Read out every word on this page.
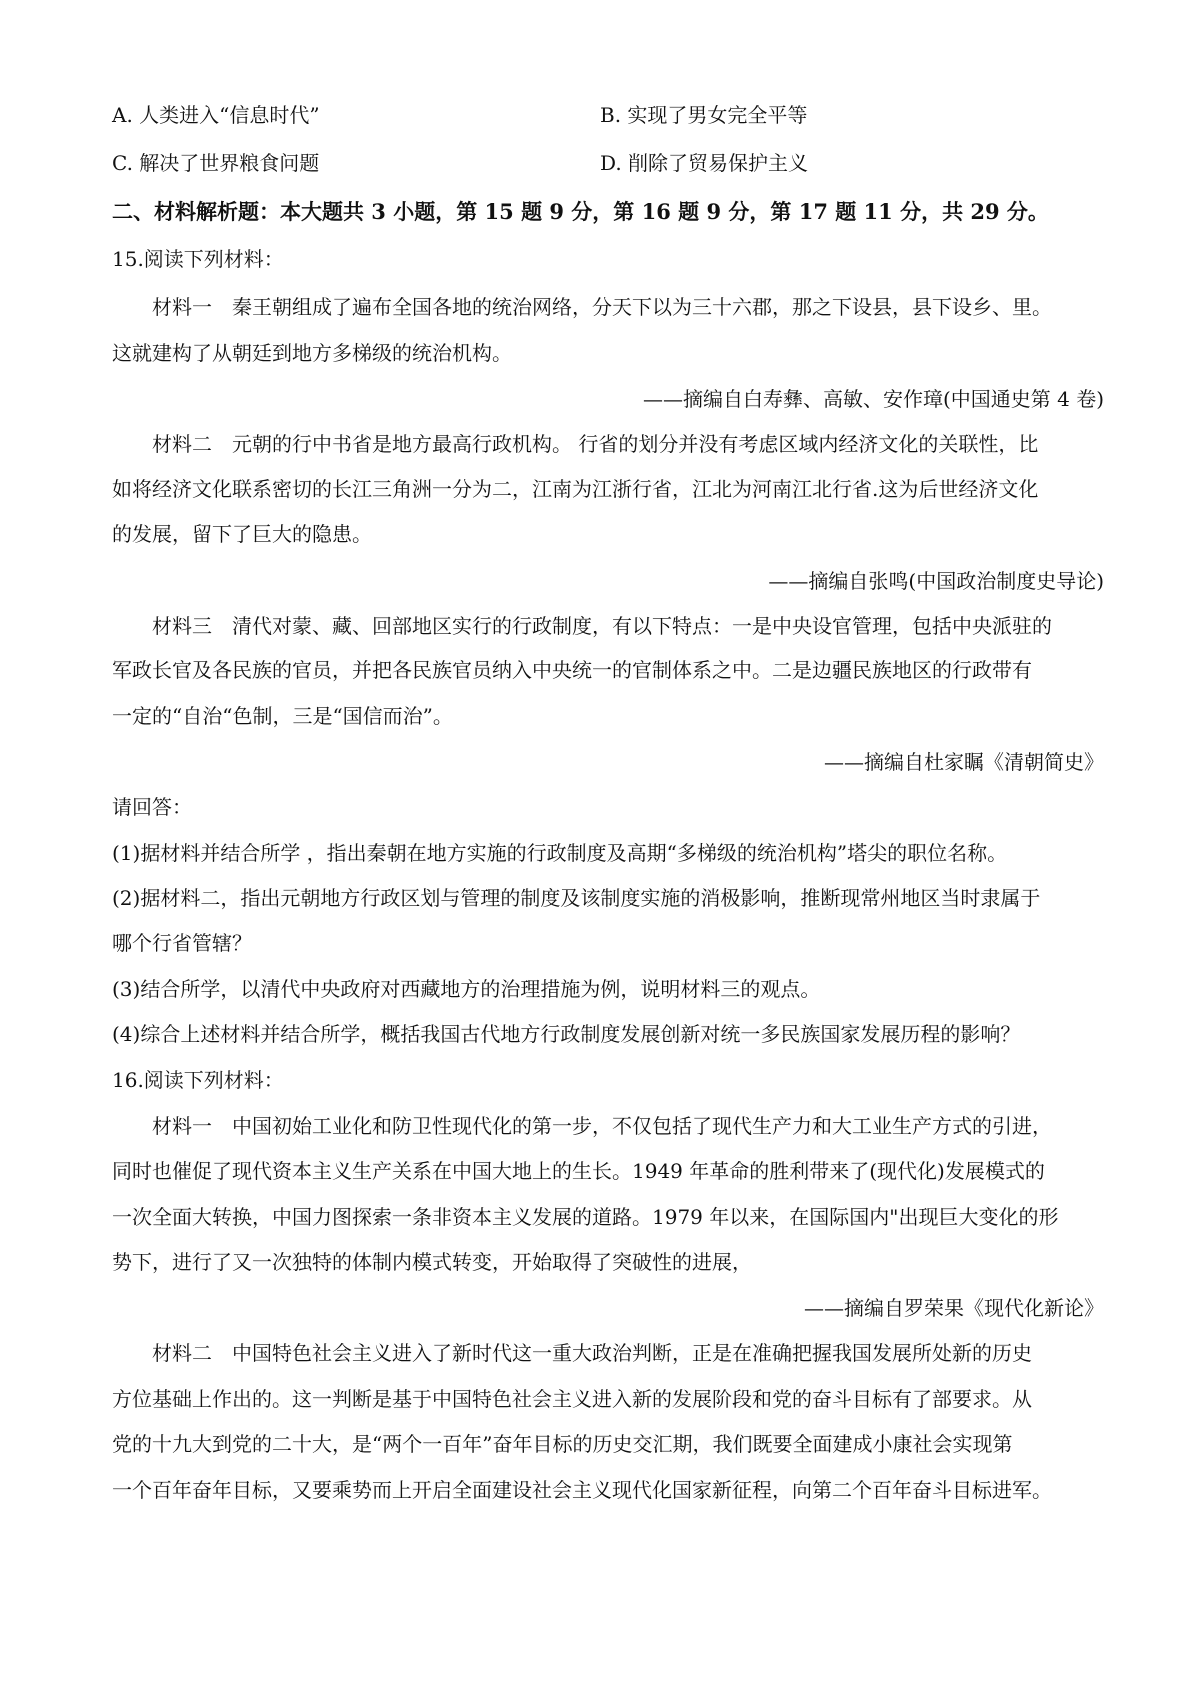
A. 人类进入“信息时代”	B. 实现了男女完全平等
C. 解决了世界粮食问题	D. 削除了贸易保护主义
二、材料解析题：本大题共 3 小题，第 15 题 9 分，第 16 题 9 分，第 17 题 11 分，共 29 分。
15.阅读下列材料：
材料一　秦王朝组成了遍布全国各地的统治网络，分天下以为三十六郡，那之下设县，县下设乡、里。
这就建构了从朝廷到地方多梯级的统治机构。
——摘编自白寿彝、高敏、安作璋(中国通史第 4 卷)
材料二　元朝的行中书省是地方最高行政机构。 行省的划分并没有考虑区域内经济文化的关联性，比
如将经济文化联系密切的长江三角洲一分为二，江南为江浙行省，江北为河南江北行省.这为后世经济文化
的发展，留下了巨大的隐患。
——摘编自张鸣(中国政治制度史导论)
材料三　清代对蒙、藏、回部地区实行的行政制度，有以下特点：一是中央设官管理，包括中央派驻的
军政长官及各民族的官员，并把各民族官员纳入中央统一的官制体系之中。二是边疆民族地区的行政带有
一定的“自治“色制，三是“国信而治”。
——摘编自杜家瞩《清朝简史》
请回答：
(1)据材料并结合所学 ，指出秦朝在地方实施的行政制度及高期“多梯级的统治机构”塔尖的职位名称。
(2)据材料二，指出元朝地方行政区划与管理的制度及该制度实施的消极影响，推断现常州地区当时隶属于
哪个行省管辖？
(3)结合所学，以清代中央政府对西藏地方的治理措施为例，说明材料三的观点。
(4)综合上述材料并结合所学，概括我国古代地方行政制度发展创新对统一多民族国家发展历程的影响？
16.阅读下列材料：
材料一　中国初始工业化和防卫性现代化的第一步，不仅包括了现代生产力和大工业生产方式的引进，
同时也催促了现代资本主义生产关系在中国大地上的生长。1949 年革命的胜利带来了(现代化)发展模式的
一次全面大转换，中国力图探索一条非资本主义发展的道路。1979 年以来，在国际国内"出现巨大变化的形
势下，进行了又一次独特的体制内模式转变，开始取得了突破性的进展，
——摘编自罗荣果《现代化新论》
材料二　中国特色社会主义进入了新时代这一重大政治判断，正是在准确把握我国发展所处新的历史
方位基础上作出的。这一判断是基于中国特色社会主义进入新的发展阶段和党的奋斗目标有了部要求。从
党的十九大到党的二十大，是“两个一百年”奋年目标的历史交汇期，我们既要全面建成小康社会实现第
一个百年奋年目标，又要乘势而上开启全面建设社会主义现代化国家新征程，向第二个百年奋斗目标进军。
